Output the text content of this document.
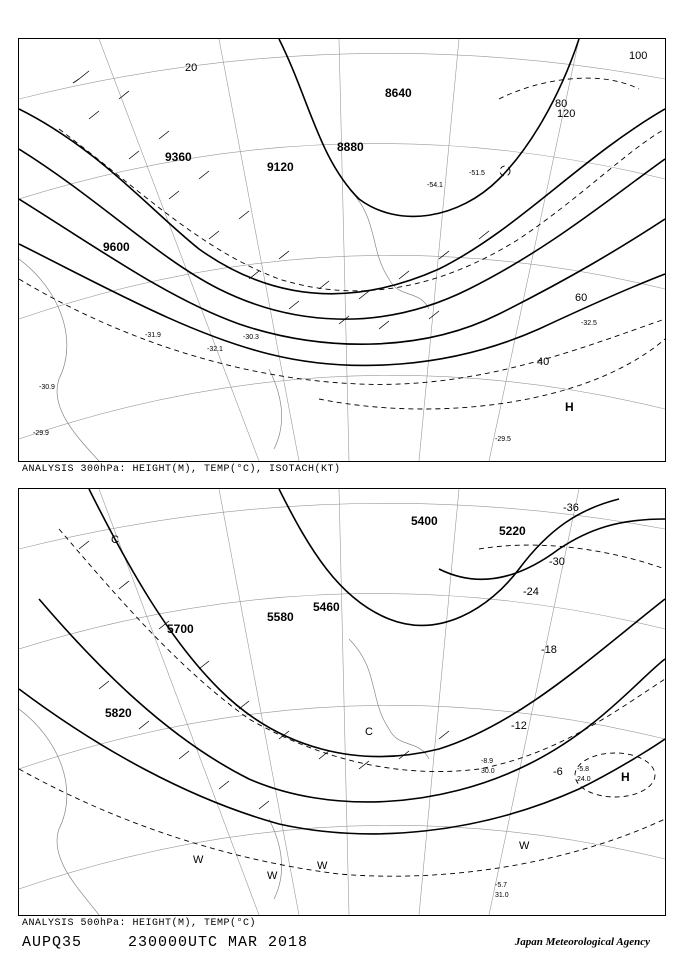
9360
9120
8880
8640
9600
20
40
60
80
100
120
-32.5
-31.9
-30.9
-29.9
-29.5
-30.3
-32.1
-51.5
-54.1
H
ANALYSIS 300hPa: HEIGHT(M), TEMP(°C), ISOTACH(KT)
5700
5820
5580
5460
5400
5220
-36
-30
-24
-18
-12
-6
W
W
W
W
C
C
-5.7
31.0
-5.8
24.0
-8.9
30.0	H
ANALYSIS 500hPa: HEIGHT(M), TEMP(°C)
AUPQ35	230000UTC MAR 2018	Japan Meteorological Agency
